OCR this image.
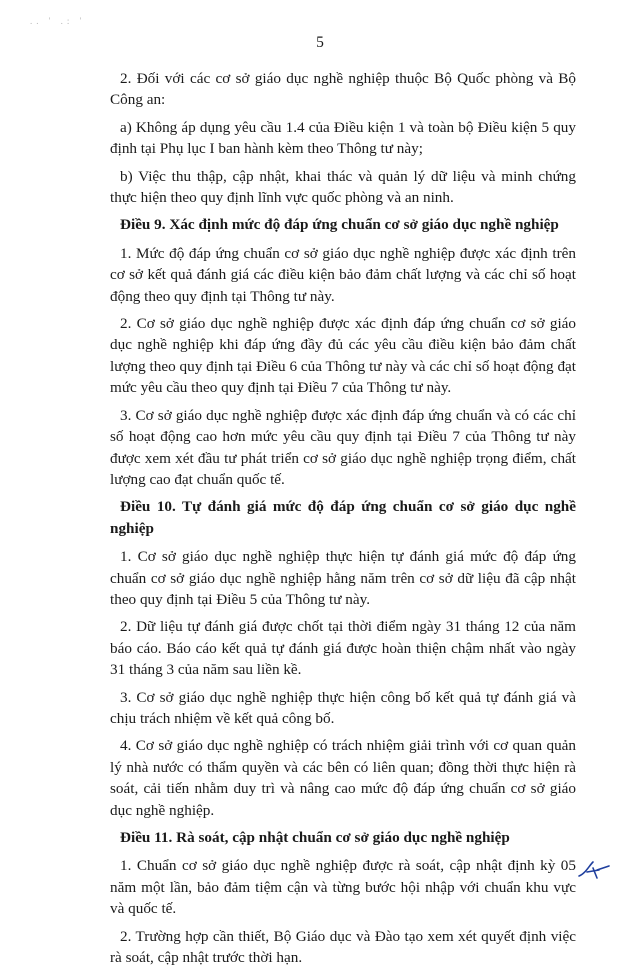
.. ' .: '
5

2. Đối với các cơ sở giáo dục nghề nghiệp thuộc Bộ Quốc phòng và Bộ Công an:

a) Không áp dụng yêu cầu 1.4 của Điều kiện 1 và toàn bộ Điều kiện 5 quy định tại Phụ lục I ban hành kèm theo Thông tư này;

b) Việc thu thập, cập nhật, khai thác và quản lý dữ liệu và minh chứng thực hiện theo quy định lĩnh vực quốc phòng và an ninh.

Điều 9. Xác định mức độ đáp ứng chuẩn cơ sở giáo dục nghề nghiệp

1. Mức độ đáp ứng chuẩn cơ sở giáo dục nghề nghiệp được xác định trên cơ sở kết quả đánh giá các điều kiện bảo đảm chất lượng và các chỉ số hoạt động theo quy định tại Thông tư này.

2. Cơ sở giáo dục nghề nghiệp được xác định đáp ứng chuẩn cơ sở giáo dục nghề nghiệp khi đáp ứng đầy đủ các yêu cầu điều kiện bảo đảm chất lượng theo quy định tại Điều 6 của Thông tư này và các chỉ số hoạt động đạt mức yêu cầu theo quy định tại Điều 7 của Thông tư này.

3. Cơ sở giáo dục nghề nghiệp được xác định đáp ứng chuẩn và có các chỉ số hoạt động cao hơn mức yêu cầu quy định tại Điều 7 của Thông tư này được xem xét đầu tư phát triển cơ sở giáo dục nghề nghiệp trọng điểm, chất lượng cao đạt chuẩn quốc tế.

Điều 10. Tự đánh giá mức độ đáp ứng chuẩn cơ sở giáo dục nghề nghiệp

1. Cơ sở giáo dục nghề nghiệp thực hiện tự đánh giá mức độ đáp ứng chuẩn cơ sở giáo dục nghề nghiệp hằng năm trên cơ sở dữ liệu đã cập nhật theo quy định tại Điều 5 của Thông tư này.

2. Dữ liệu tự đánh giá được chốt tại thời điểm ngày 31 tháng 12 của năm báo cáo. Báo cáo kết quả tự đánh giá được hoàn thiện chậm nhất vào ngày 31 tháng 3 của năm sau liền kề.

3. Cơ sở giáo dục nghề nghiệp thực hiện công bố kết quả tự đánh giá và chịu trách nhiệm về kết quả công bố.

4. Cơ sở giáo dục nghề nghiệp có trách nhiệm giải trình với cơ quan quản lý nhà nước có thẩm quyền và các bên có liên quan; đồng thời thực hiện rà soát, cải tiến nhằm duy trì và nâng cao mức độ đáp ứng chuẩn cơ sở giáo dục nghề nghiệp.

Điều 11. Rà soát, cập nhật chuẩn cơ sở giáo dục nghề nghiệp

1. Chuẩn cơ sở giáo dục nghề nghiệp được rà soát, cập nhật định kỳ 05 năm một lần, bảo đảm tiệm cận và từng bước hội nhập với chuẩn khu vực và quốc tế.

2. Trường hợp cần thiết, Bộ Giáo dục và Đào tạo xem xét quyết định việc rà soát, cập nhật trước thời hạn.
